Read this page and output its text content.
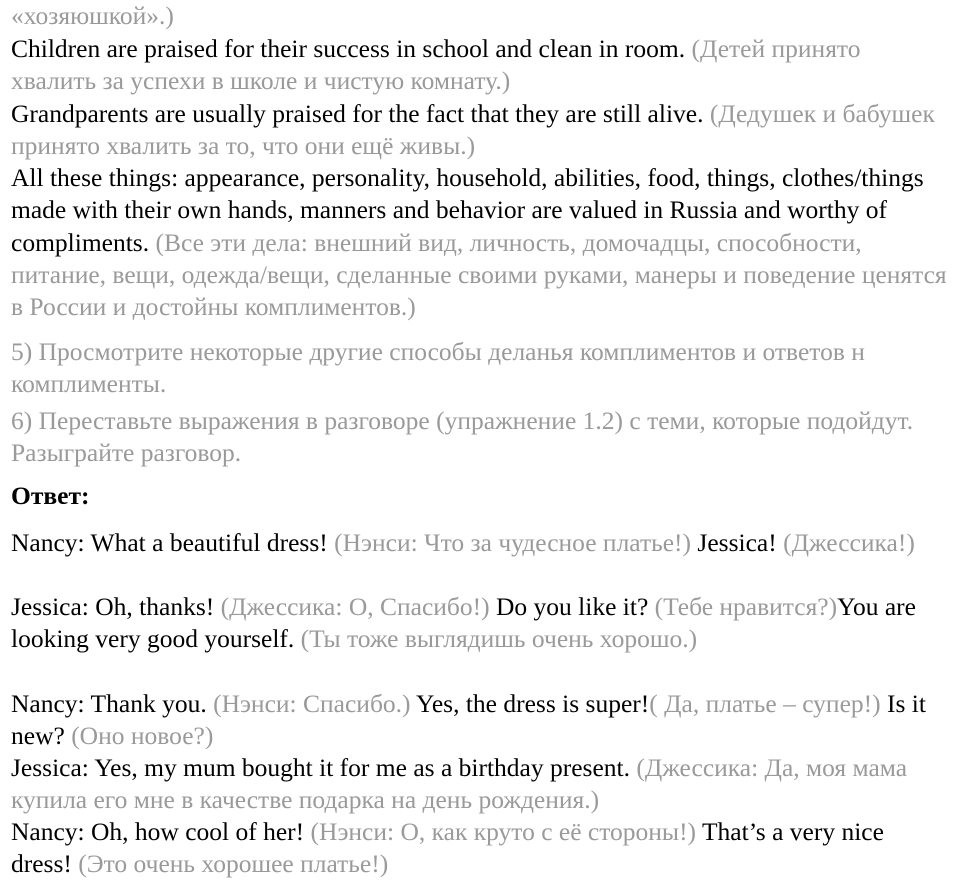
«хозяюшкой».)

Children are praised for their success in school and clean in room. (Детей принято хвалить за успехи в школе и чистую комнату.)

Grandparents are usually praised for the fact that they are still alive. (Дедушек и бабушек принято хвалить за то, что они ещё живы.)

All these things: appearance, personality, household, abilities, food, things, clothes/things made with their own hands, manners and behavior are valued in Russia and worthy of compliments. (Все эти дела: внешний вид, личность, домочадцы, способности, питание, вещи, одежда/вещи, сделанные своими руками, манеры и поведение ценятся в России и достойны комплиментов.)

5) Просмотрите некоторые другие способы деланья комплиментов и ответов н комплименты.

6) Переставьте выражения в разговоре (упражнение 1.2) с теми, которые подойдут. Разыграйте разговор.

Ответ:

Nancy: What a beautiful dress! (Нэнси: Что за чудесное платье!) Jessica! (Джессика!)

Jessica: Oh, thanks! (Джессика: О, Спасибо!) Do you like it? (Тебе нравится?)You are looking very good yourself. (Ты тоже выглядишь очень хорошо.)

Nancy: Thank you. (Нэнси: Спасибо.) Yes, the dress is super!( Да, платье – супер!) Is it new? (Оно новое?)

Jessica: Yes, my mum bought it for me as a birthday present. (Джессика: Да, моя мама купила его мне в качестве подарка на день рождения.)

Nancy: Oh, how cool of her! (Нэнси: О, как круто с её стороны!) That’s a very nice dress! (Это очень хорошее платье!)
